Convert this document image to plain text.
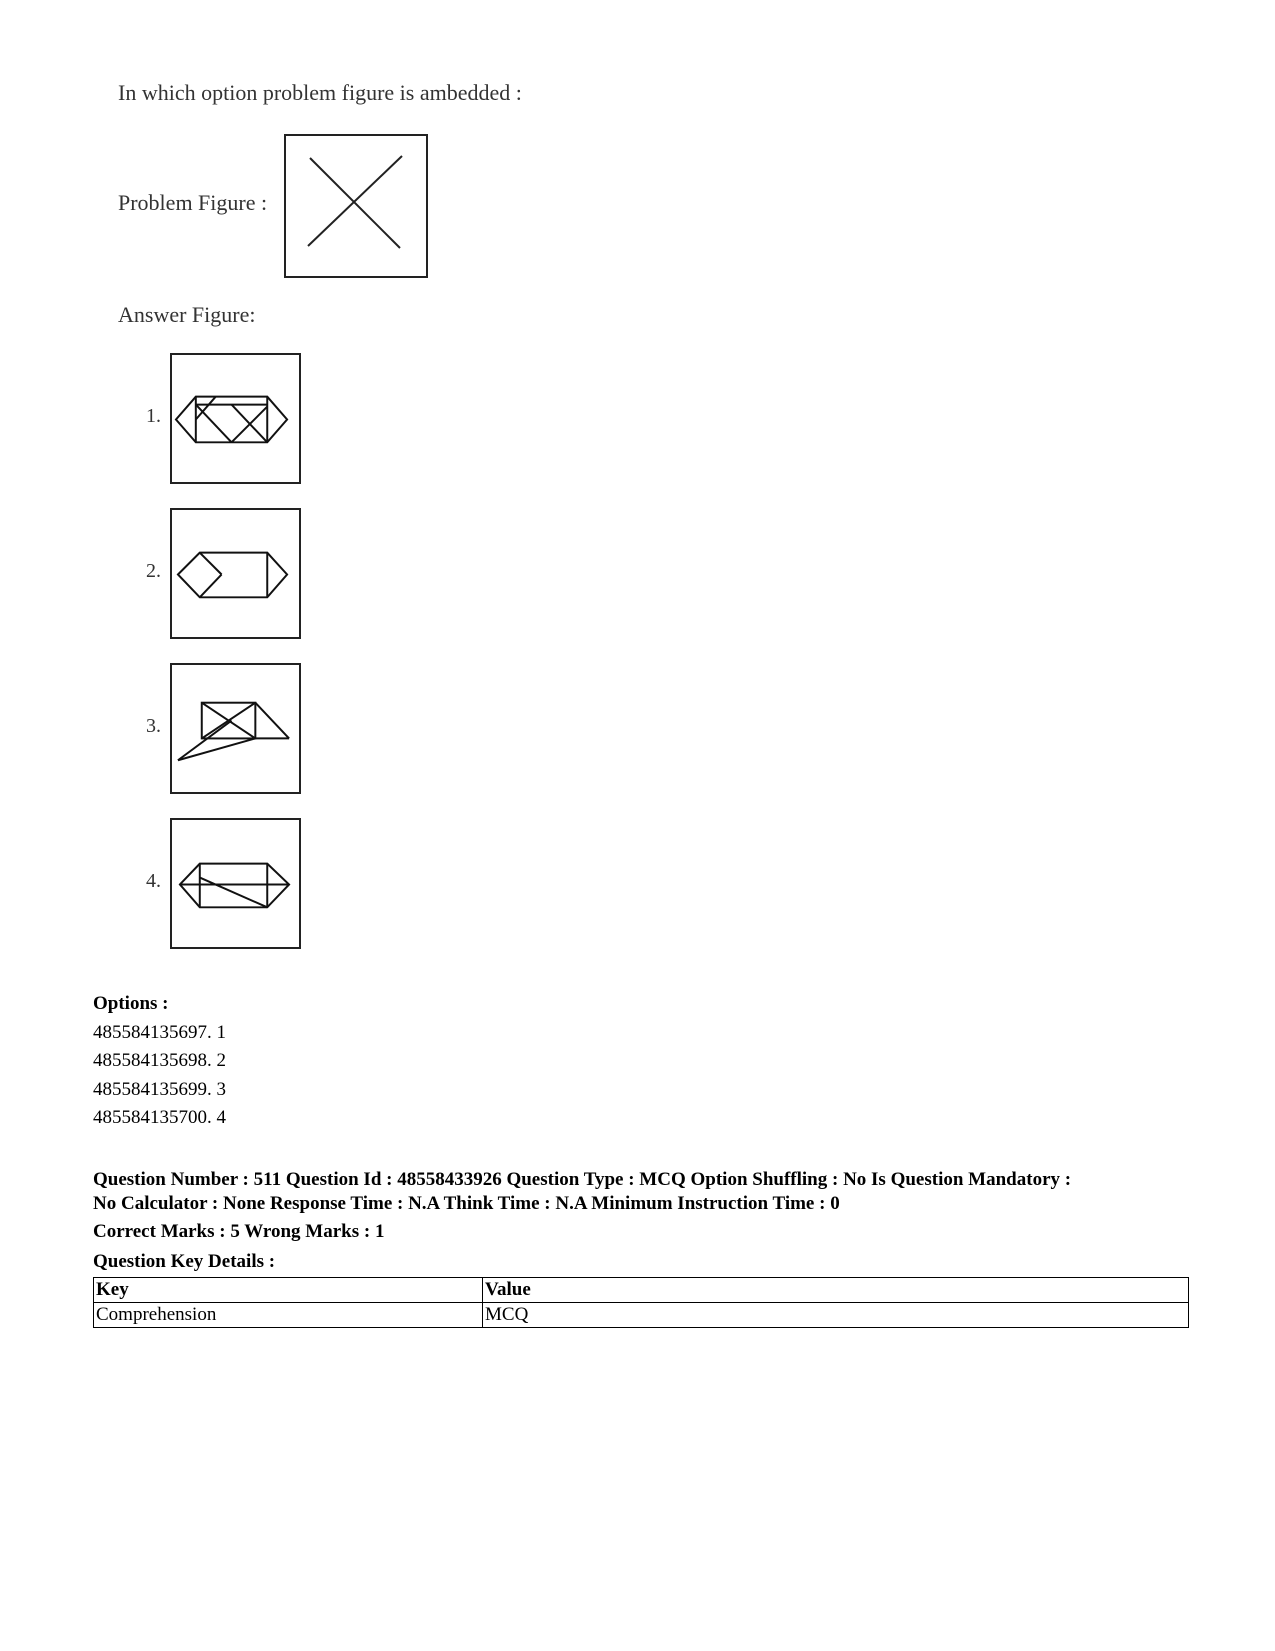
In which option problem figure is ambedded :
Problem Figure :
Answer Figure:
1.
2.
3.
4.
Options :
485584135697. 1
485584135698. 2
485584135699. 3
485584135700. 4
Question Number : 511 Question Id : 48558433926 Question Type : MCQ Option Shuffling : No Is Question Mandatory :
No Calculator : None Response Time : N.A Think Time : N.A Minimum Instruction Time : 0
Correct Marks : 5 Wrong Marks : 1
Question Key Details :
Key	Value
Comprehension	MCQ
